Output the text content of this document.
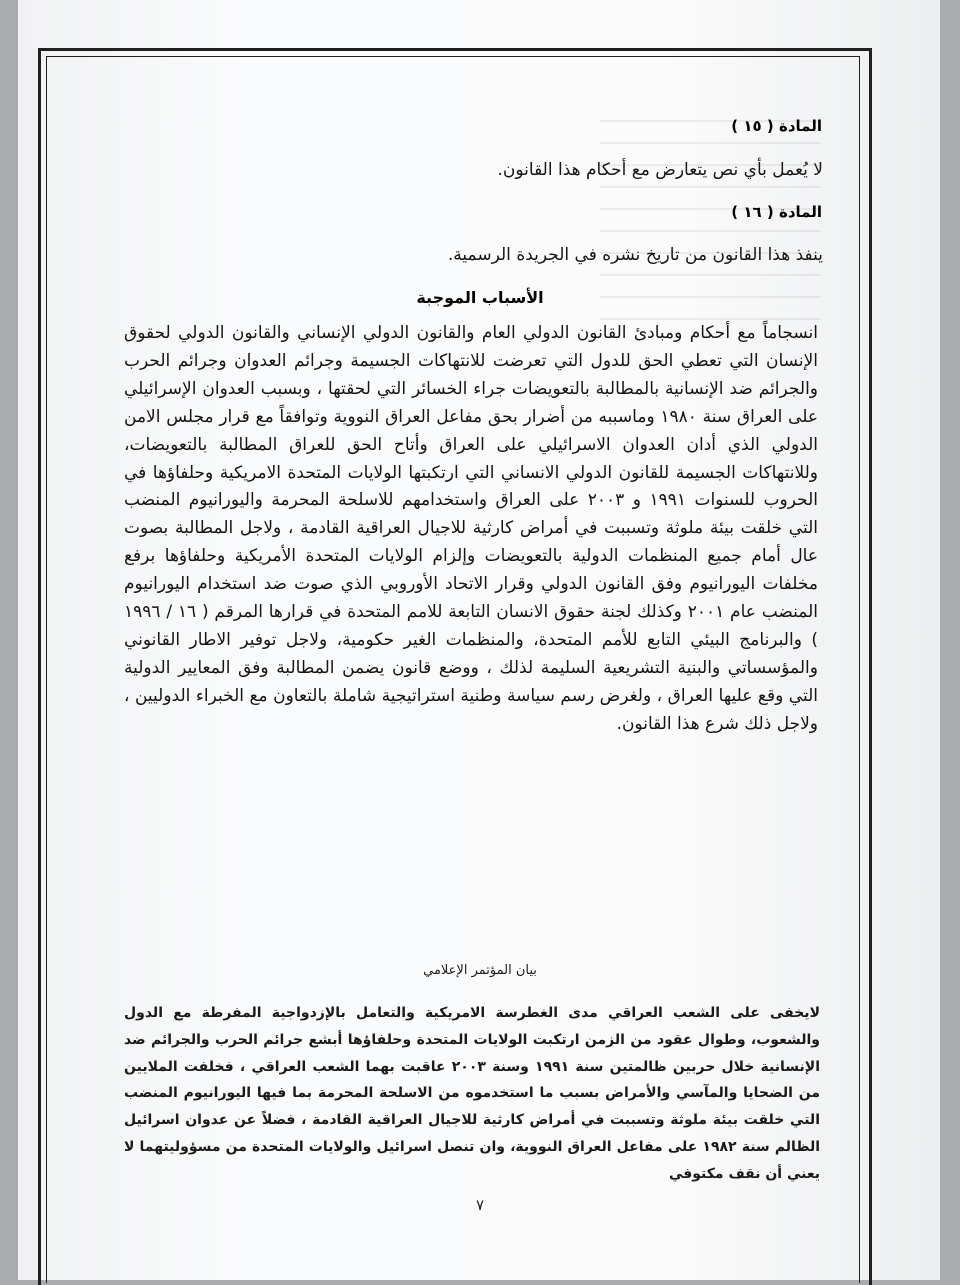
المادة ( ١٥ )
لا يُعمل بأي نص يتعارض مع أحكام هذا القانون.
المادة ( ١٦ )
ينفذ هذا القانون من تاريخ نشره في الجريدة الرسمية.
الأسباب الموجبة
انسجاماً مع أحكام ومبادئ القانون الدولي العام والقانون الدولي الإنساني والقانون الدولي لحقوق الإنسان التي تعطي الحق للدول التي تعرضت للانتهاكات الجسيمة وجرائم العدوان وجرائم الحرب والجرائم ضد الإنسانية بالمطالبة بالتعويضات جراء الخسائر التي لحقتها ، وبسبب العدوان الإسرائيلي على العراق سنة ١٩٨٠ وماسببه من أضرار بحق مفاعل العراق النووية وتوافقاً مع قرار مجلس الامن الدولي الذي أدان العدوان الاسرائيلي على العراق وأتاح الحق للعراق المطالبة بالتعويضات، وللانتهاكات الجسيمة للقانون الدولي الانساني التي ارتكبتها الولايات المتحدة الامريكية وحلفاؤها في الحروب للسنوات ١٩٩١ و ٢٠٠٣ على العراق واستخدامهم للاسلحة المحرمة واليورانيوم المنضب التي خلقت بيئة ملوثة وتسببت في أمراض كارثية للاجيال العراقية القادمة ، ولاجل المطالبة بصوت عال أمام جميع المنظمات الدولية بالتعويضات وإلزام الولايات المتحدة الأمريكية وحلفاؤها برفع مخلفات اليورانيوم وفق القانون الدولي وقرار الاتحاد الأوروبي الذي صوت ضد استخدام اليورانيوم المنضب عام ٢٠٠١ وكذلك لجنة حقوق الانسان التابعة للامم المتحدة في قرارها المرقم ( ١٦ / ١٩٩٦ ) والبرنامج البيئي التابع للأمم المتحدة، والمنظمات الغير حكومية، ولاجل توفير الاطار القانوني والمؤسساتي والبنية التشريعية السليمة لذلك ، ووضع قانون يضمن المطالبة وفق المعايير الدولية التي وقع عليها العراق ، ولغرض رسم سياسة وطنية استراتيجية شاملة بالتعاون مع الخبراء الدوليين ، ولاجل ذلك شرع هذا القانون.
بيان المؤتمر الإعلامي
لايخفى على الشعب العراقي مدى الغطرسة الامريكية والتعامل بالإزدواجية المفرطة مع الدول والشعوب، وطوال عقود من الزمن ارتكبت الولايات المتحدة وحلفاؤها أبشع جرائم الحرب والجرائم ضد الإنسانية خلال حربين ظالمتين سنة ١٩٩١ وسنة ٢٠٠٣ عاقبت بهما الشعب العراقي ، فخلفت الملايين من الضحايا والمآسي والأمراض بسبب ما استخدموه من الاسلحة المحرمة بما فيها اليورانيوم المنضب التي خلقت بيئة ملوثة وتسببت في أمراض كارثية للاجيال العراقية القادمة ، فضلاً عن عدوان اسرائيل الظالم سنة ١٩٨٢ على مفاعل العراق النووية، وان تنصل اسرائيل والولايات المتحدة من مسؤوليتهما لا يعني أن نقف مكتوفي
٧
